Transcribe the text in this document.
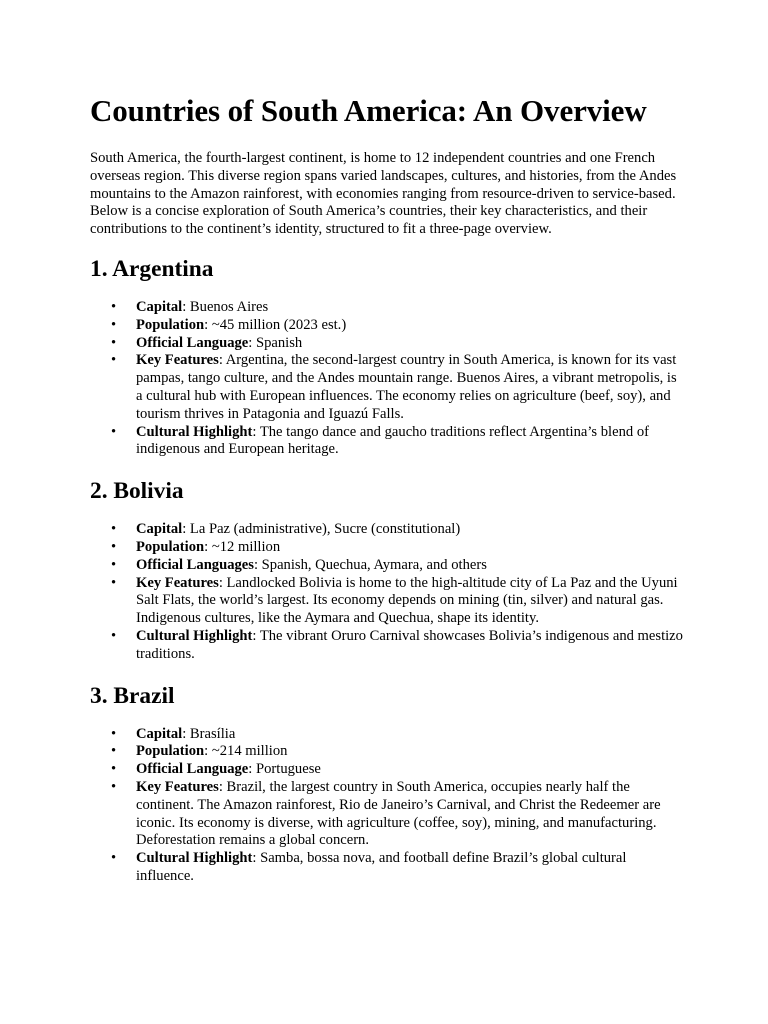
Countries of South America: An Overview

South America, the fourth-largest continent, is home to 12 independent countries and one French overseas region. This diverse region spans varied landscapes, cultures, and histories, from the Andes mountains to the Amazon rainforest, with economies ranging from resource-driven to service-based. Below is a concise exploration of South America’s countries, their key characteristics, and their contributions to the continent’s identity, structured to fit a three-page overview.

1. Argentina
• Capital: Buenos Aires
• Population: ~45 million (2023 est.)
• Official Language: Spanish
• Key Features: Argentina, the second-largest country in South America, is known for its vast pampas, tango culture, and the Andes mountain range. Buenos Aires, a vibrant metropolis, is a cultural hub with European influences. The economy relies on agriculture (beef, soy), and tourism thrives in Patagonia and Iguazú Falls.
• Cultural Highlight: The tango dance and gaucho traditions reflect Argentina’s blend of indigenous and European heritage.
2. Bolivia
• Capital: La Paz (administrative), Sucre (constitutional)
• Population: ~12 million
• Official Languages: Spanish, Quechua, Aymara, and others
• Key Features: Landlocked Bolivia is home to the high-altitude city of La Paz and the Uyuni Salt Flats, the world’s largest. Its economy depends on mining (tin, silver) and natural gas. Indigenous cultures, like the Aymara and Quechua, shape its identity.
• Cultural Highlight: The vibrant Oruro Carnival showcases Bolivia’s indigenous and mestizo traditions.
3. Brazil
• Capital: Brasília
• Population: ~214 million
• Official Language: Portuguese
• Key Features: Brazil, the largest country in South America, occupies nearly half the continent. The Amazon rainforest, Rio de Janeiro’s Carnival, and Christ the Redeemer are iconic. Its economy is diverse, with agriculture (coffee, soy), mining, and manufacturing. Deforestation remains a global concern.
• Cultural Highlight: Samba, bossa nova, and football define Brazil’s global cultural influence.
